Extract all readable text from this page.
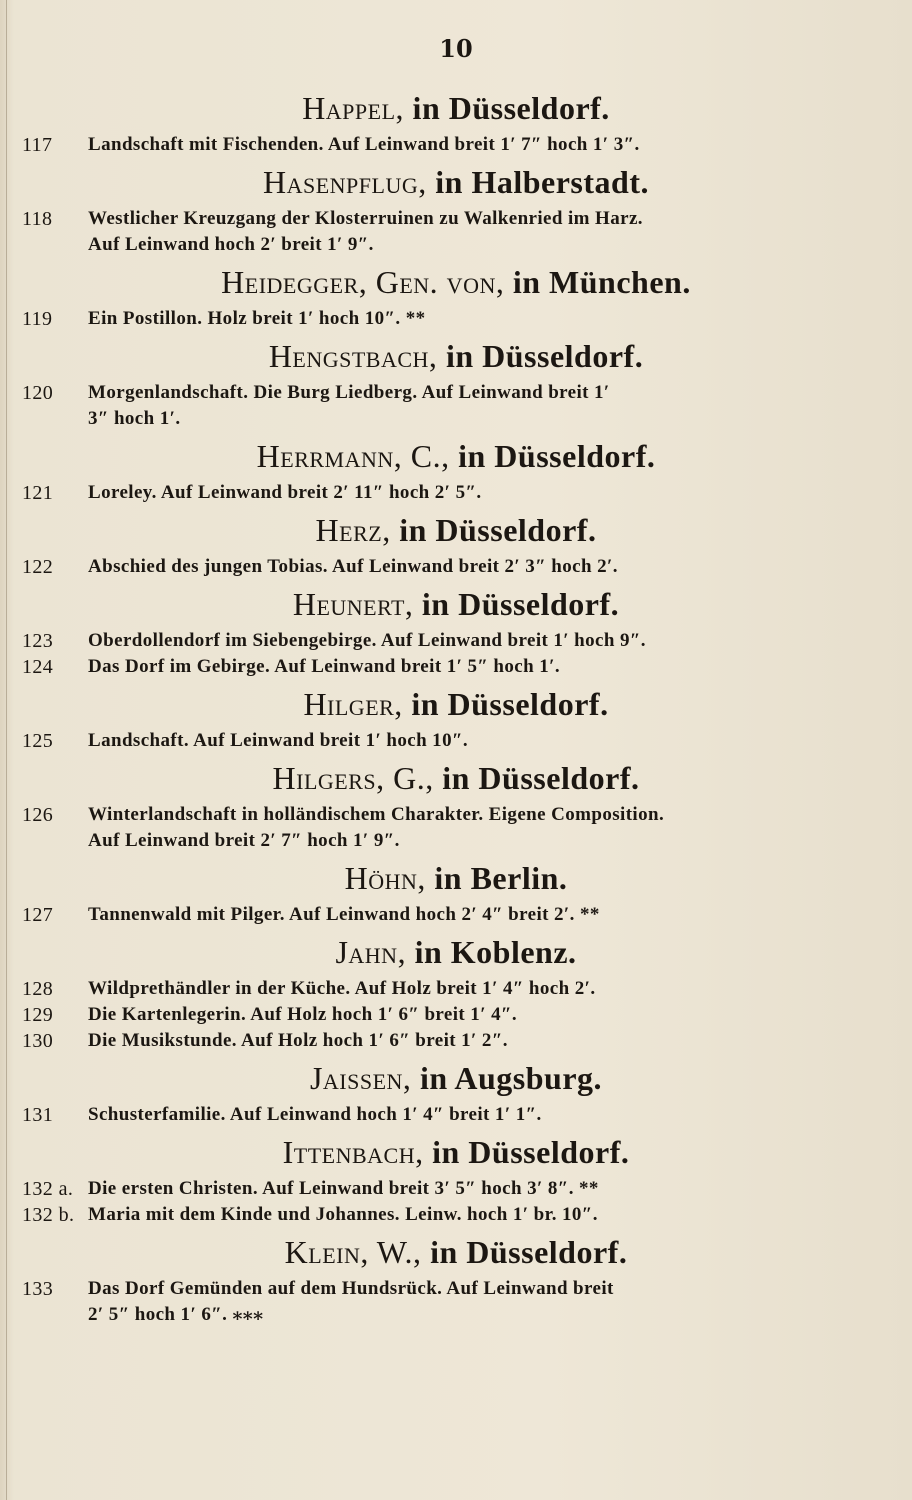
10
Happel, in Düsseldorf.
117	Landschaft mit Fischenden. Auf Leinwand breit 1′ 7″ hoch 1′ 3″.
Hasenpflug, in Halberstadt.
118	Westlicher Kreuzgang der Klosterruinen zu Walkenried im Harz.
Auf Leinwand hoch 2′ breit 1′ 9″.
Heidegger, Gen. von, in München.
119	Ein Postillon. Holz breit 1′ hoch 10″. **
Hengstbach, in Düsseldorf.
120	Morgenlandschaft. Die Burg Liedberg. Auf Leinwand breit 1′
3″ hoch 1′.
Herrmann, C., in Düsseldorf.
121	Loreley. Auf Leinwand breit 2′ 11″ hoch 2′ 5″.
Herz, in Düsseldorf.
122	Abschied des jungen Tobias. Auf Leinwand breit 2′ 3″ hoch 2′.
Heunert, in Düsseldorf.
123	Oberdollendorf im Siebengebirge. Auf Leinwand breit 1′ hoch 9″.
124	Das Dorf im Gebirge. Auf Leinwand breit 1′ 5″ hoch 1′.
Hilger, in Düsseldorf.
125	Landschaft. Auf Leinwand breit 1′ hoch 10″.
Hilgers, G., in Düsseldorf.
126	Winterlandschaft in holländischem Charakter. Eigene Composition.
Auf Leinwand breit 2′ 7″ hoch 1′ 9″.
Höhn, in Berlin.
127	Tannenwald mit Pilger. Auf Leinwand hoch 2′ 4″ breit 2′. **
Jahn, in Koblenz.
128	Wildprethändler in der Küche. Auf Holz breit 1′ 4″ hoch 2′.
129	Die Kartenlegerin. Auf Holz hoch 1′ 6″ breit 1′ 4″.
130	Die Musikstunde. Auf Holz hoch 1′ 6″ breit 1′ 2″.
Jaissen, in Augsburg.
131	Schusterfamilie. Auf Leinwand hoch 1′ 4″ breit 1′ 1″.
Ittenbach, in Düsseldorf.
132 a. Die ersten Christen. Auf Leinwand breit 3′ 5″ hoch 3′ 8″. **
132 b. Maria mit dem Kinde und Johannes. Leinw. hoch 1′ br. 10″.
Klein, W., in Düsseldorf.
133	Das Dorf Gemünden auf dem Hundsrück. Auf Leinwand breit
2′ 5″ hoch 1′ 6″. ⁎⁎⁎
